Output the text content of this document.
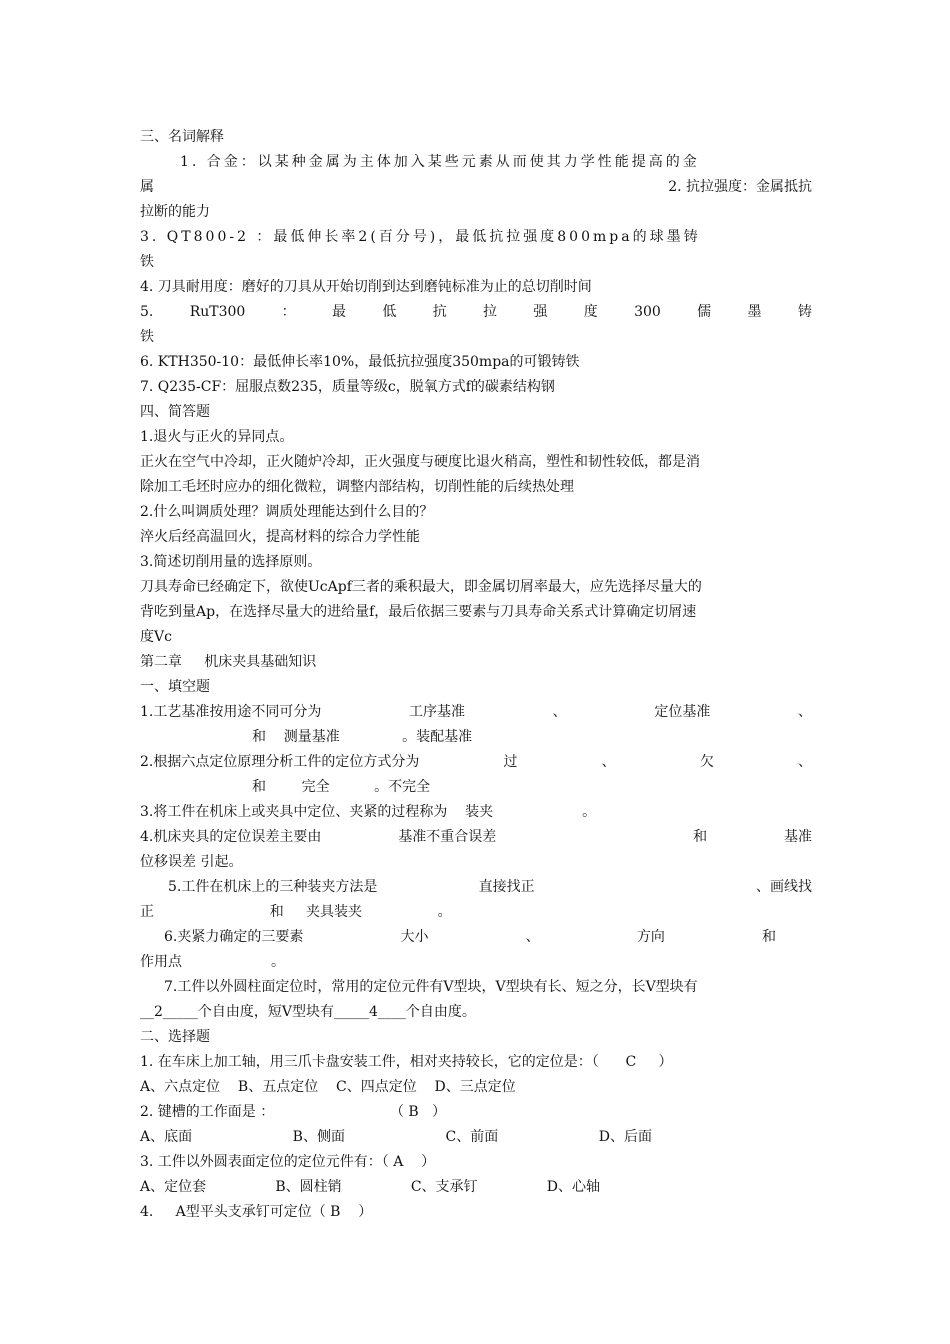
三、名词解释
1. 合金：以某种金属为主体加入某些元素从而使其力学性能提高的金
属	2. 抗拉强度：金属抵抗
拉断的能力
3. QT800-2 ：最低伸长率2(百分号)，最低抗拉强度800mpa的球墨铸
铁
4. 刀具耐用度：磨好的刀具从开始切削到达到磨钝标准为止的总切削时间
5.	RuT300	：	最	低	抗	拉	强	度	300	儒	墨	铸
铁
6. KTH350-10：最低伸长率10%，最低抗拉强度350mpa的可锻铸铁
7. Q235-CF：屈服点数235，质量等级c，脱氧方式f的碳素结构钢
四、简答题
1.退火与正火的异同点。
正火在空气中冷却，正火随炉冷却，正火强度与硬度比退火稍高，塑性和韧性较低，都是消
除加工毛坯时应办的细化微粒，调整内部结构，切削性能的后续热处理
2.什么叫调质处理？调质处理能达到什么目的？
淬火后经高温回火，提高材料的综合力学性能
3.简述切削用量的选择原则。
刀具寿命已经确定下，欲使UcApf三者的乘积最大，即金属切屑率最大，应先选择尽量大的
背吃到量Ap，在选择尽量大的进给量f，最后依据三要素与刀具寿命关系式计算确定切屑速
度Vc
第二章     机床夹具基础知识
一、填空题
1.工艺基准按用途不同可分为	工序基准	、	定位基准	、
和    测量基准              。装配基准
2.根据六点定位原理分析工件的定位方式分为	过	、	欠	、
和        完全          。不完全
3.将工件在机床上或夹具中定位、夹紧的过程称为    装夹                    。
4.机床夹具的定位误差主要由	基准不重合误差	和	基准
位移误差 引起。
5.工件在机床上的三种装夹方法是	直接找正	、画线找
正                          和     夹具装夹                 。
6.夹紧力确定的三要素	大小	、	方向	和
作用点                    。
7.工件以外圆柱面定位时，常用的定位元件有V型块，V型块有长、短之分，长V型块有
__2_____个自由度，短V型块有_____4____个自由度。
二、选择题
1. 在车床上加工轴，用三爪卡盘安装工件，相对夹持较长，它的定位是：（      C     ）
A、六点定位    B、五点定位    C、四点定位    D、三点定位
2. 键槽的工作面是 ：                          （ B   ）
A、底面	B、侧面	C、前面	D、后面
3. 工件以外圆表面定位的定位元件有：（ A    ）
A、定位套	B、圆柱销	C、支承钉	D、心轴
4.     A型平头支承钉可定位（ B    ）
